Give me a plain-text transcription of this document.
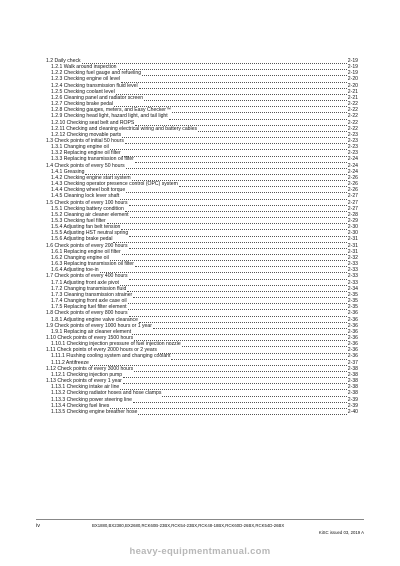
1.2 Daily check	2-19
1.2.1 Walk around inspection	2-19
1.2.2 Checking fuel gauge and refueling	2-19
1.2.3 Checking engine oil level	2-20
1.2.4 Checking transmission fluid level	2-20
1.2.5 Checking coolant level	2-21
1.2.6 Cleaning panel and radiator screen	2-21
1.2.7 Checking brake pedal	2-22
1.2.8 Checking gauges, meters, and Easy Checker™	2-22
1.2.9 Checking head light, hazard light, and tail light	2-22
1.2.10 Checking seat belt and ROPS	2-22
1.2.11 Checking and cleaning electrical wiring and battery cables	2-22
1.2.12 Checking movable parts	2-23
1.3 Check points of initial 50 hours	2-23
1.3.1 Changing engine oil	2-23
1.3.2 Replacing engine oil filter	2-23
1.3.3 Replacing transmission oil filter	2-24
1.4 Check points of every 50 hours	2-24
1.4.1 Greasing	2-24
1.4.2 Checking engine start system	2-26
1.4.3 Checking operator presence control (OPC) system	2-26
1.4.4 Checking wheel bolt torque	2-26
1.4.5 Cleaning lock lever shaft	2-27
1.5 Check points of every 100 hours	2-27
1.5.1 Checking battery condition	2-27
1.5.2 Cleaning air cleaner element	2-28
1.5.3 Checking fuel filter	2-29
1.5.4 Adjusting fan belt tension	2-30
1.5.5 Adjusting HST neutral spring	2-30
1.5.6 Adjusting brake pedal	2-31
1.6 Check points of every 200 hours	2-31
1.6.1 Replacing engine oil filter	2-31
1.6.2 Changing engine oil	2-32
1.6.3 Replacing transmission oil filter	2-33
1.6.4 Adjusting toe-in	2-33
1.7 Check points of every 400 hours	2-33
1.7.1 Adjusting front axle pivot	2-33
1.7.2 Changing transmission fluid	2-34
1.7.3 Cleaning transmission strainer	2-35
1.7.4 Changing front axle case oil	2-35
1.7.5 Replacing fuel filter element	2-35
1.8 Check points of every 800 hours	2-36
1.8.1 Adjusting engine valve clearance	2-36
1.9 Check points of every 1000 hours or 1 year	2-36
1.9.1 Replacing air cleaner element	2-36
1.10 Check points of every 1500 hours	2-36
1.10.1 Checking injection pressure of fuel injection nozzle	2-36
1.11 Check points of every 2000 hours or 2 years	2-36
1.11.1 Flushing cooling system and changing coolant	2-36
1.11.2 Antifreeze	2-37
1.12 Check points of every 3000 hours	2-38
1.12.1 Checking injection pump	2-38
1.13 Check points of every 1 year	2-38
1.13.1 Checking intake air line	2-38
1.13.2 Checking radiator hoses and hose clamps	2-38
1.13.3 Checking power steering line	2-39
1.13.4 Checking fuel lines	2-39
1.13.5 Checking engine breather hose	2-40
iv	BX1880,BX2380,BX2680,RCK60B-23BX,RCK54-23BX,RCK48-18BX,RCK60D-26BX,RCK54D-26BX
KiSC issued 03, 2019 A
heavy-equipmentmanual.com
